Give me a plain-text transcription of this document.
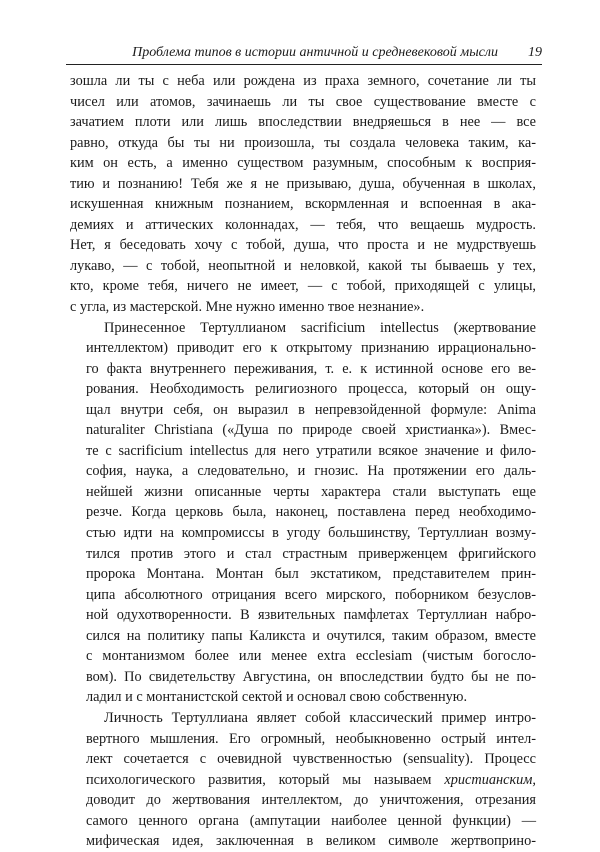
Проблема типов в истории античной и средневековой мысли 19

зошла ли ты с неба или рождена из праха земного, сочетание ли ты
чисел или атомов, зачинаешь ли ты свое существование вместе с
зачатием плоти или лишь впоследствии внедряешься в нее — все
равно, откуда бы ты ни произошла, ты создала человека таким, ка-
ким он есть, а именно существом разумным, способным к восприя-
тию и познанию! Тебя же я не призываю, душа, обученная в школах,
искушенная книжным познанием, вскормленная и вспоенная в ака-
демиях и аттических колоннадах, — тебя, что вещаешь мудрость.
Нет, я беседовать хочу с тобой, душа, что проста и не мудрствуешь
лукаво, — с тобой, неопытной и неловкой, какой ты бываешь у тех,
кто, кроме тебя, ничего не имеет, — с тобой, приходящей с улицы,
с угла, из мастерской. Мне нужно именно твое незнание».

Принесенное Тертуллианом sacrificium intellectus (жертвование
интеллектом) приводит его к открытому признанию иррационально-
го факта внутреннего переживания, т. е. к истинной основе его ве-
рования. Необходимость религиозного процесса, который он ощу-
щал внутри себя, он выразил в непревзойденной формуле: Anima
naturaliter Christiana («Душа по природе своей христианка»). Вмес-
те с sacrificium intellectus для него утратили всякое значение и фило-
софия, наука, а следовательно, и гнозис. На протяжении его даль-
нейшей жизни описанные черты характера стали выступать еще
резче. Когда церковь была, наконец, поставлена перед необходимо-
стью идти на компромиссы в угоду большинству, Тертуллиан возму-
тился против этого и стал страстным приверженцем фригийского
пророка Монтана. Монтан был экстатиком, представителем прин-
ципа абсолютного отрицания всего мирского, поборником безуслов-
ной одухотворенности. В язвительных памфлетах Тертуллиан набро-
сился на политику папы Каликста и очутился, таким образом, вместе
с монтанизмом более или менее extra ecclesiam (чистым богосло-
вом). По свидетельству Августина, он впоследствии будто бы не по-
ладил и с монтанистской сектой и основал свою собственную.

Личность Тертуллиана являет собой классический пример интро-
вертного мышления. Его огромный, необыкновенно острый интел-
лект сочетается с очевидной чувственностью (sensuality). Процесс
психологического развития, который мы называем христианским,
доводит до жертвования интеллектом, до уничтожения, отрезания
самого ценного органа (ампутации наиболее ценной функции) —
мифическая идея, заключенная в великом символе жертвоприно-
